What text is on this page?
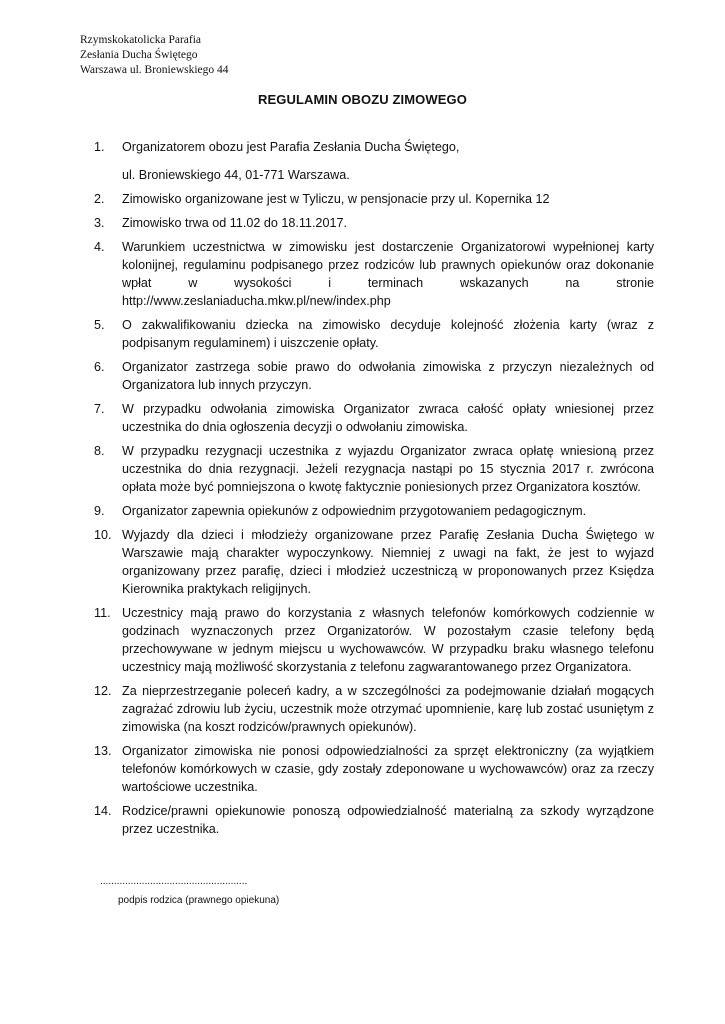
Rzymskokatolicka Parafia
Zesłania Ducha Świętego
Warszawa ul. Broniewskiego 44
REGULAMIN OBOZU ZIMOWEGO
1.	Organizatorem obozu jest Parafia Zesłania Ducha Świętego,
ul. Broniewskiego 44, 01-771 Warszawa.
2.	Zimowisko organizowane jest w Tyliczu, w pensjonacie przy ul. Kopernika 12
3.	Zimowisko trwa od 11.02 do 18.11.2017.
4.	Warunkiem uczestnictwa w zimowisku jest dostarczenie Organizatorowi wypełnionej karty kolonijnej, regulaminu podpisanego przez rodziców lub prawnych opiekunów oraz dokonanie wpłat w wysokości i terminach wskazanych na stronie http://www.zeslaniaducha.mkw.pl/new/index.php
5.	O zakwalifikowaniu dziecka na zimowisko decyduje kolejność złożenia karty (wraz z podpisanym regulaminem) i uiszczenie opłaty.
6.	Organizator zastrzega sobie prawo do odwołania zimowiska z przyczyn niezależnych od Organizatora lub innych przyczyn.
7.	W przypadku odwołania zimowiska Organizator zwraca całość opłaty wniesionej przez uczestnika do dnia ogłoszenia decyzji o odwołaniu zimowiska.
8.	W przypadku rezygnacji uczestnika z wyjazdu Organizator zwraca opłatę wniesioną przez uczestnika do dnia rezygnacji. Jeżeli rezygnacja nastąpi po 15 stycznia 2017 r. zwrócona opłata może być pomniejszona o kwotę faktycznie poniesionych przez Organizatora kosztów.
9.	Organizator zapewnia opiekunów z odpowiednim przygotowaniem pedagogicznym.
10. Wyjazdy dla dzieci i młodzieży organizowane przez Parafię Zesłania Ducha Świętego w Warszawie mają charakter wypoczynkowy. Niemniej z uwagi na fakt, że jest to wyjazd organizowany przez parafię, dzieci i młodzież uczestniczą w proponowanych przez Księdza Kierownika praktykach religijnych.
11. Uczestnicy mają prawo do korzystania z własnych telefonów komórkowych codziennie w godzinach wyznaczonych przez Organizatorów. W pozostałym czasie telefony będą przechowywane w jednym miejscu u wychowawców. W przypadku braku własnego telefonu uczestnicy mają możliwość skorzystania z telefonu zagwarantowanego przez Organizatora.
12. Za nieprzestrzeganie poleceń kadry, a w szczególności za podejmowanie działań mogących zagrażać zdrowiu lub życiu, uczestnik może otrzymać upomnienie, karę lub zostać usuniętym z zimowiska (na koszt rodziców/prawnych opiekunów).
13. Organizator zimowiska nie ponosi odpowiedzialności za sprzęt elektroniczny (za wyjątkiem telefonów komórkowych w czasie, gdy zostały zdeponowane u wychowawców) oraz za rzeczy wartościowe uczestnika.
14. Rodzice/prawni opiekunowie ponoszą odpowiedzialność materialną za szkody wyrządzone przez uczestnika.
.....................................................
podpis rodzica (prawnego opiekuna)
